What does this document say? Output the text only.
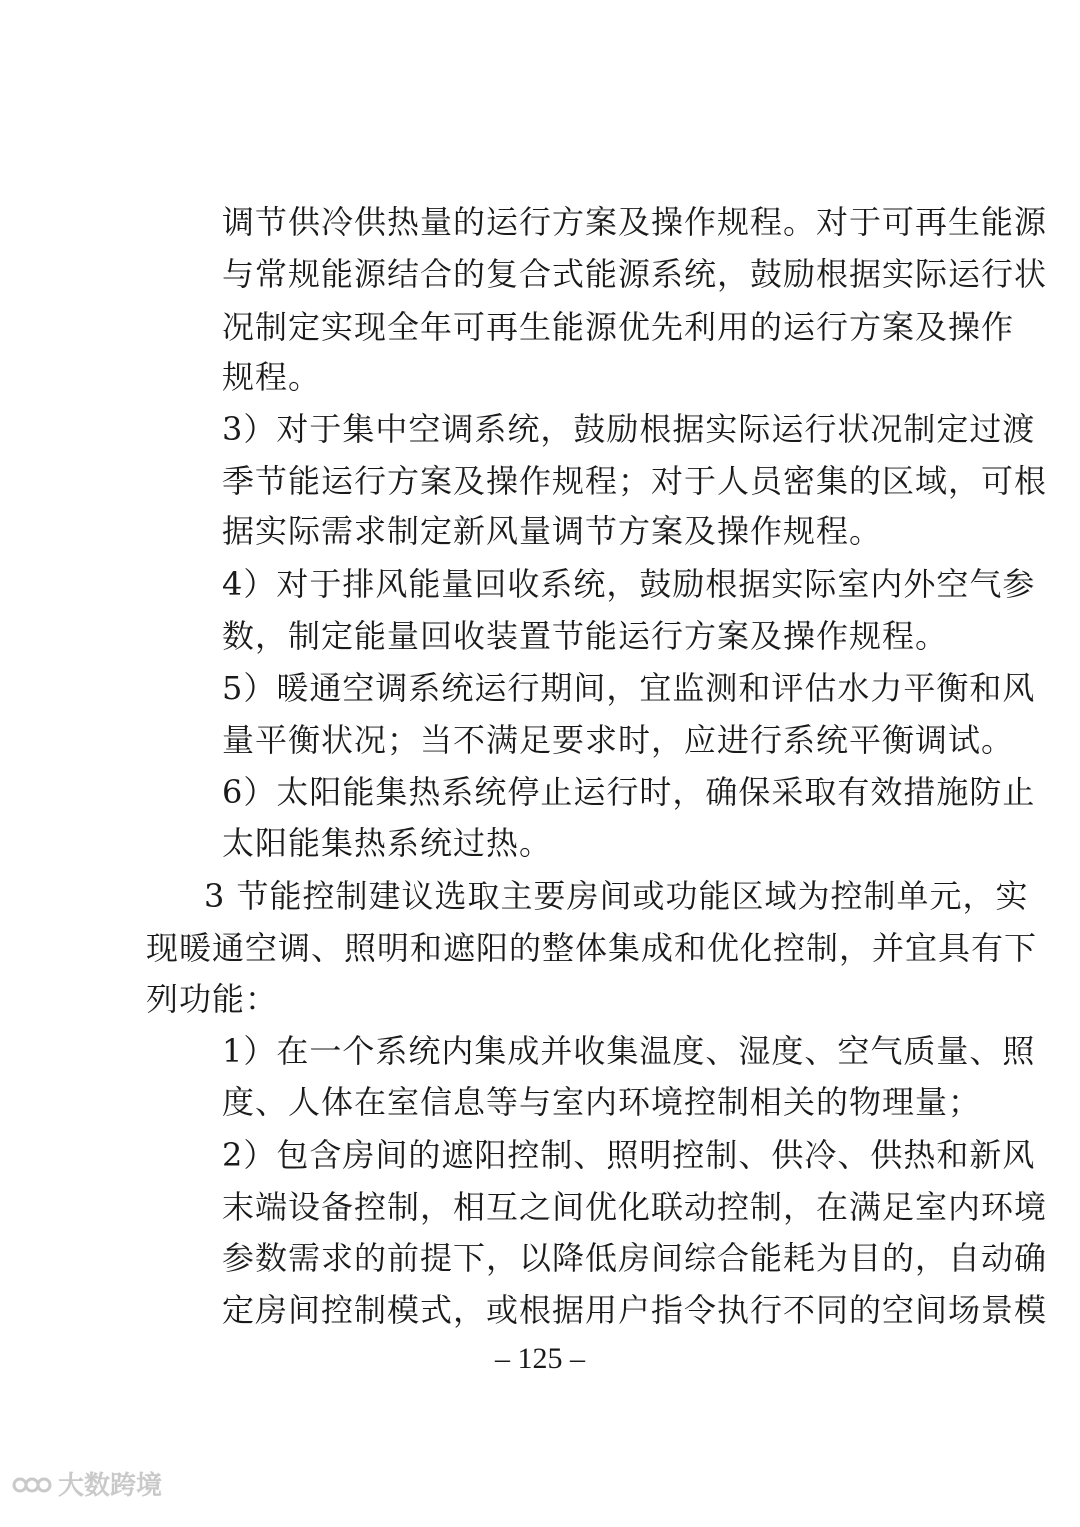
调节供冷供热量的运行方案及操作规程。对于可再生能源
与常规能源结合的复合式能源系统，鼓励根据实际运行状
况制定实现全年可再生能源优先利用的运行方案及操作
规程。
3）对于集中空调系统，鼓励根据实际运行状况制定过渡
季节能运行方案及操作规程；对于人员密集的区域，可根
据实际需求制定新风量调节方案及操作规程。
4）对于排风能量回收系统，鼓励根据实际室内外空气参
数，制定能量回收装置节能运行方案及操作规程。
5）暖通空调系统运行期间，宜监测和评估水力平衡和风
量平衡状况；当不满足要求时，应进行系统平衡调试。
6）太阳能集热系统停止运行时，确保采取有效措施防止
太阳能集热系统过热。
3 节能控制建议选取主要房间或功能区域为控制单元，实
现暖通空调、照明和遮阳的整体集成和优化控制，并宜具有下
列功能：
1）在一个系统内集成并收集温度、湿度、空气质量、照
度、人体在室信息等与室内环境控制相关的物理量；
2）包含房间的遮阳控制、照明控制、供冷、供热和新风
末端设备控制，相互之间优化联动控制，在满足室内环境
参数需求的前提下，以降低房间综合能耗为目的，自动确
定房间控制模式，或根据用户指令执行不同的空间场景模
– 125 –
大数跨境
